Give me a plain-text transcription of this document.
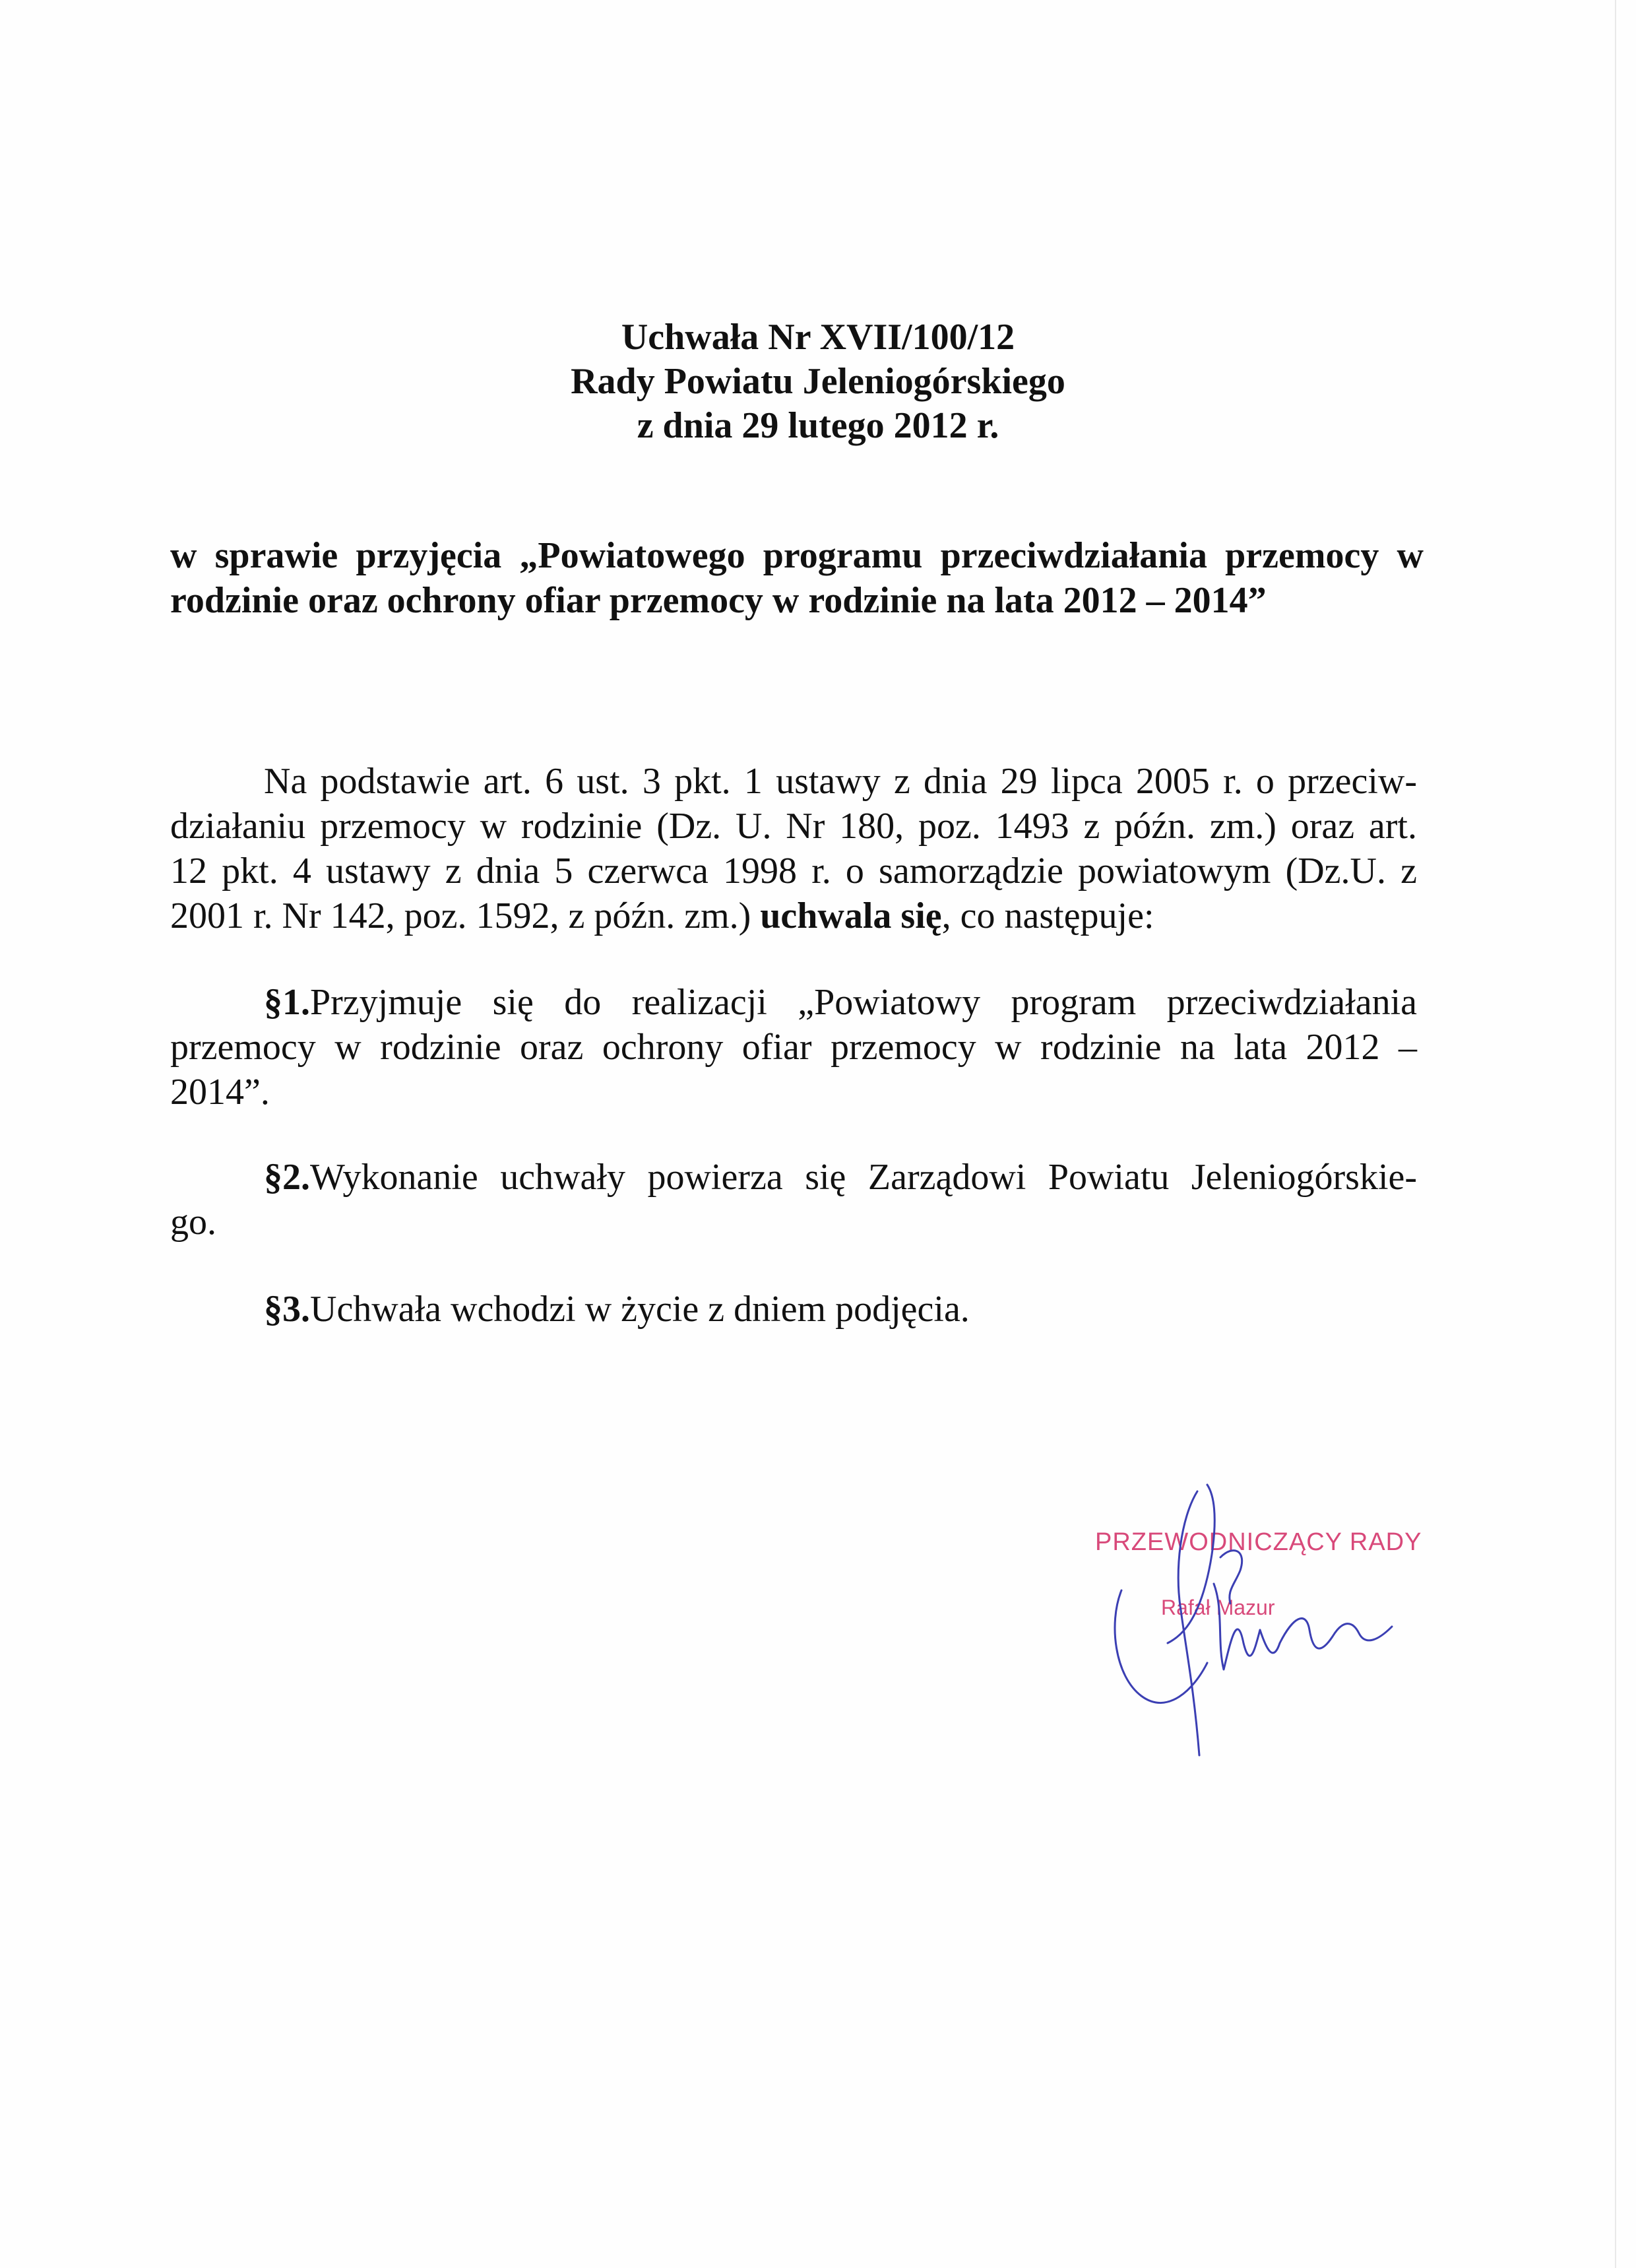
Uchwała Nr XVII/100/12
Rady Powiatu Jeleniogórskiego
z dnia 29 lutego 2012 r.
w sprawie przyjęcia „Powiatowego programu przeciwdziałania przemocy w
rodzinie oraz ochrony ofiar przemocy w rodzinie na lata 2012 – 2014”
Na podstawie art. 6 ust. 3 pkt. 1 ustawy z dnia 29 lipca 2005 r. o przeciw-
działaniu przemocy w rodzinie (Dz. U. Nr 180, poz. 1493 z późn. zm.) oraz art.
12 pkt. 4 ustawy z dnia 5 czerwca 1998 r. o samorządzie powiatowym (Dz.U. z
2001 r. Nr 142, poz. 1592, z późn. zm.) uchwala się, co następuje:
§1.Przyjmuje się do realizacji „Powiatowy program przeciwdziałania
przemocy w rodzinie oraz ochrony ofiar przemocy w rodzinie na lata 2012 –
2014”.
§2.Wykonanie uchwały powierza się Zarządowi Powiatu Jeleniogórskie-
go.
§3.Uchwała wchodzi w życie z dniem podjęcia.
PRZEWODNICZĄCY RADY
Rafał Mazur
